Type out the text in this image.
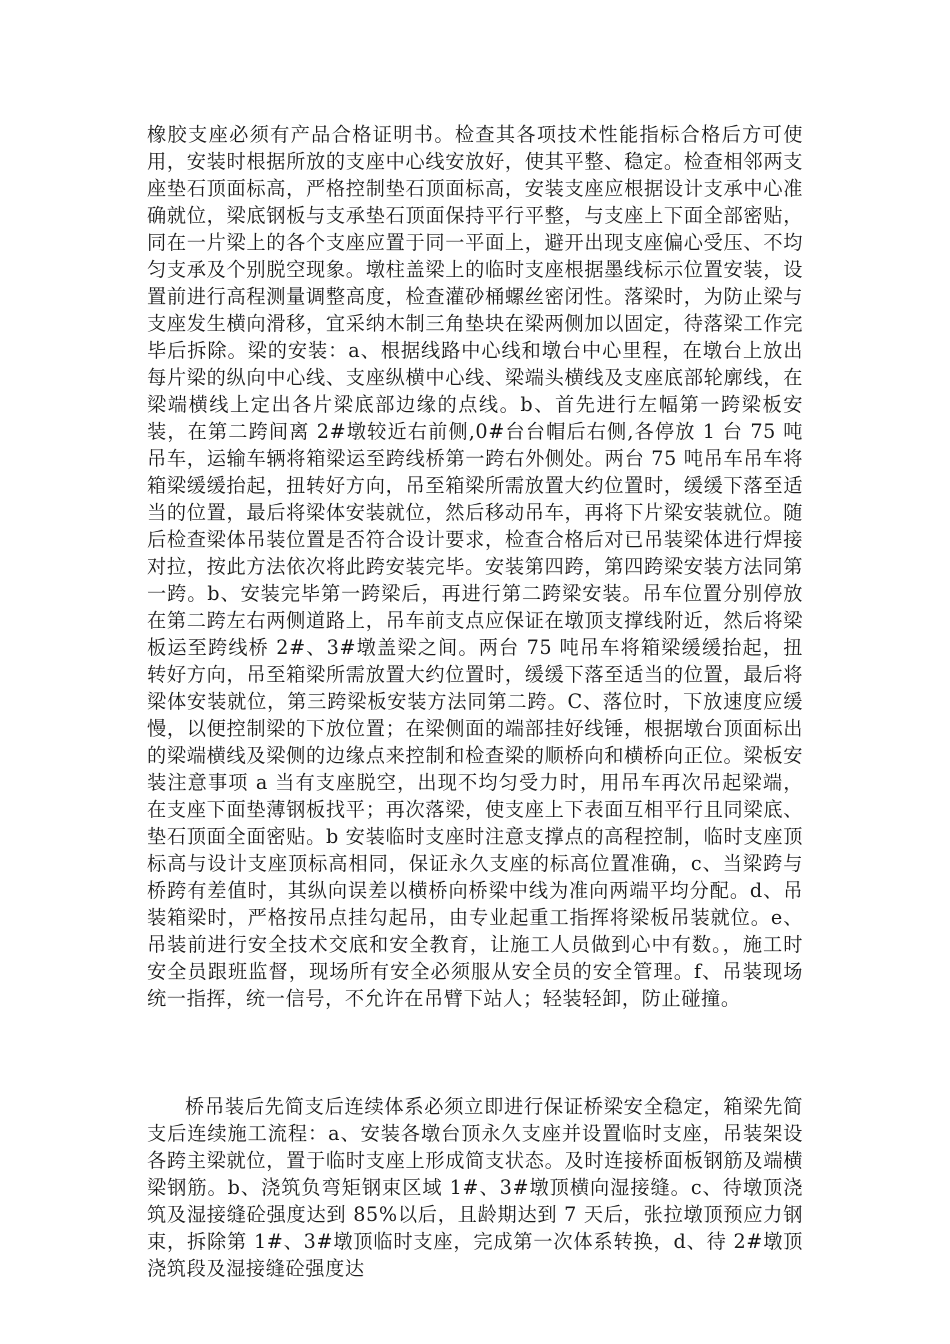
橡胶支座必须有产品合格证明书。检查其各项技术性能指标合格后方可使用，安装时根据所放的支座中心线安放好，使其平整、稳定。检查相邻两支座垫石顶面标高，严格控制垫石顶面标高，安装支座应根据设计支承中心准确就位，梁底钢板与支承垫石顶面保持平行平整，与支座上下面全部密贴，同在一片梁上的各个支座应置于同一平面上，避开出现支座偏心受压、不均匀支承及个别脱空现象。墩柱盖梁上的临时支座根据墨线标示位置安装，设置前进行高程测量调整高度，检查灌砂桶螺丝密闭性。落梁时，为防止梁与支座发生横向滑移，宜采纳木制三角垫块在梁两侧加以固定，待落梁工作完毕后拆除。梁的安装：a、根据线路中心线和墩台中心里程，在墩台上放出每片梁的纵向中心线、支座纵横中心线、梁端头横线及支座底部轮廓线，在梁端横线上定出各片梁底部边缘的点线。b、首先进行左幅第一跨梁板安装，在第二跨间离 2#墩较近右前侧,0#台台帽后右侧,各停放 1 台 75 吨吊车，运输车辆将箱梁运至跨线桥第一跨右外侧处。两台 75 吨吊车吊车将箱梁缓缓抬起，扭转好方向，吊至箱梁所需放置大约位置时，缓缓下落至适当的位置，最后将梁体安装就位，然后移动吊车，再将下片梁安装就位。随后检查梁体吊装位置是否符合设计要求，检查合格后对已吊装梁体进行焊接对拉，按此方法依次将此跨安装完毕。安装第四跨，第四跨梁安装方法同第一跨。b、安装完毕第一跨梁后，再进行第二跨梁安装。吊车位置分别停放在第二跨左右两侧道路上，吊车前支点应保证在墩顶支撑线附近，然后将梁板运至跨线桥 2#、3#墩盖梁之间。两台 75 吨吊车将箱梁缓缓抬起，扭转好方向，吊至箱梁所需放置大约位置时，缓缓下落至适当的位置，最后将梁体安装就位，第三跨梁板安装方法同第二跨。C、落位时，下放速度应缓慢，以便控制梁的下放位置；在梁侧面的端部挂好线锤，根据墩台顶面标出的梁端横线及梁侧的边缘点来控制和检查梁的顺桥向和横桥向正位。梁板安装注意事项 a 当有支座脱空，出现不均匀受力时，用吊车再次吊起梁端，在支座下面垫薄钢板找平；再次落梁，使支座上下表面互相平行且同梁底、垫石顶面全面密贴。b 安装临时支座时注意支撑点的高程控制，临时支座顶标高与设计支座顶标高相同，保证永久支座的标高位置准确，c、当梁跨与桥跨有差值时，其纵向误差以横桥向桥梁中线为准向两端平均分配。d、吊装箱梁时，严格按吊点挂勾起吊，由专业起重工指挥将梁板吊装就位。e、吊装前进行安全技术交底和安全教育，让施工人员做到心中有数。，施工时安全员跟班监督，现场所有安全必须服从安全员的安全管理。f、吊装现场统一指挥，统一信号，不允许在吊臂下站人；轻装轻卸，防止碰撞。

桥吊装后先简支后连续体系必须立即进行保证桥梁安全稳定，箱梁先简支后连续施工流程：a、安装各墩台顶永久支座并设置临时支座，吊装架设各跨主梁就位，置于临时支座上形成简支状态。及时连接桥面板钢筋及端横梁钢筋。b、浇筑负弯矩钢束区域 1#、3#墩顶横向湿接缝。c、待墩顶浇筑及湿接缝砼强度达到 85%以后，且龄期达到 7 天后，张拉墩顶预应力钢束，拆除第 1#、3#墩顶临时支座，完成第一次体系转换，d、待 2#墩顶浇筑段及湿接缝砼强度达
